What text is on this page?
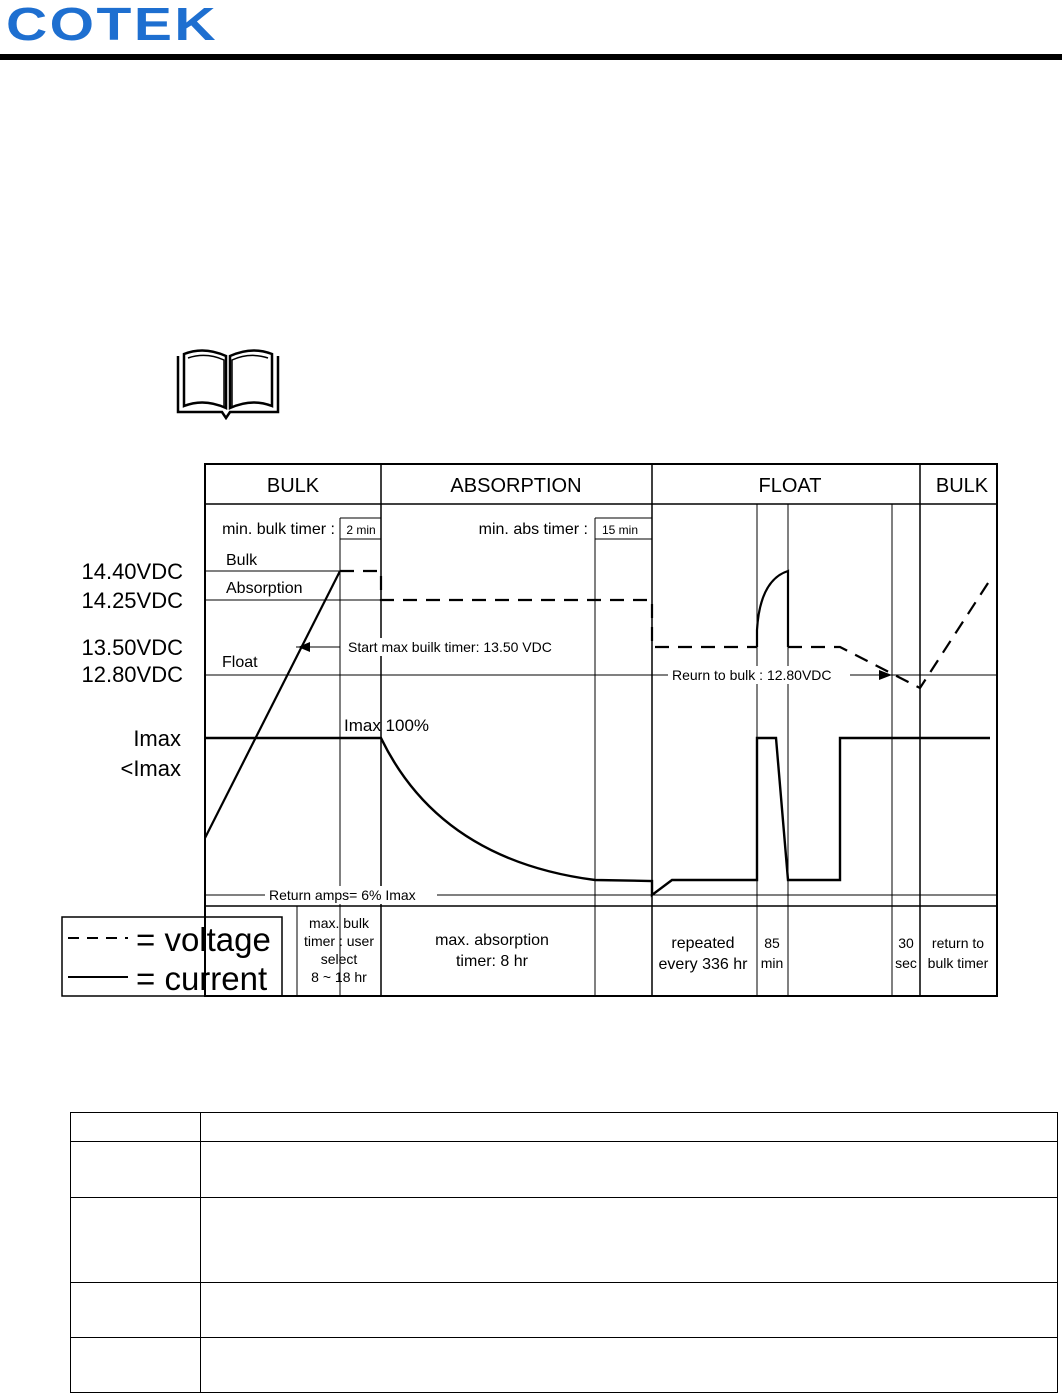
COTEK
BULK	ABSORPTION	FLOAT	BULK
min. bulk timer : 2 min	min. abs timer : 15 min
14.40VDC
14.25VDC
13.50VDC
12.80VDC
Imax
<Imax
Bulk
Absorption
Float
Start max builk timer: 13.50 VDC
Reurn to bulk : 12.80VDC
Imax 100%
Return amps= 6% Imax
= voltage
= current
max. bulk
timer : user
select
8 ~ 18 hr
max. absorption
timer: 8 hr
repeated
every 336 hr
85
min
30
sec
return to
bulk timer
